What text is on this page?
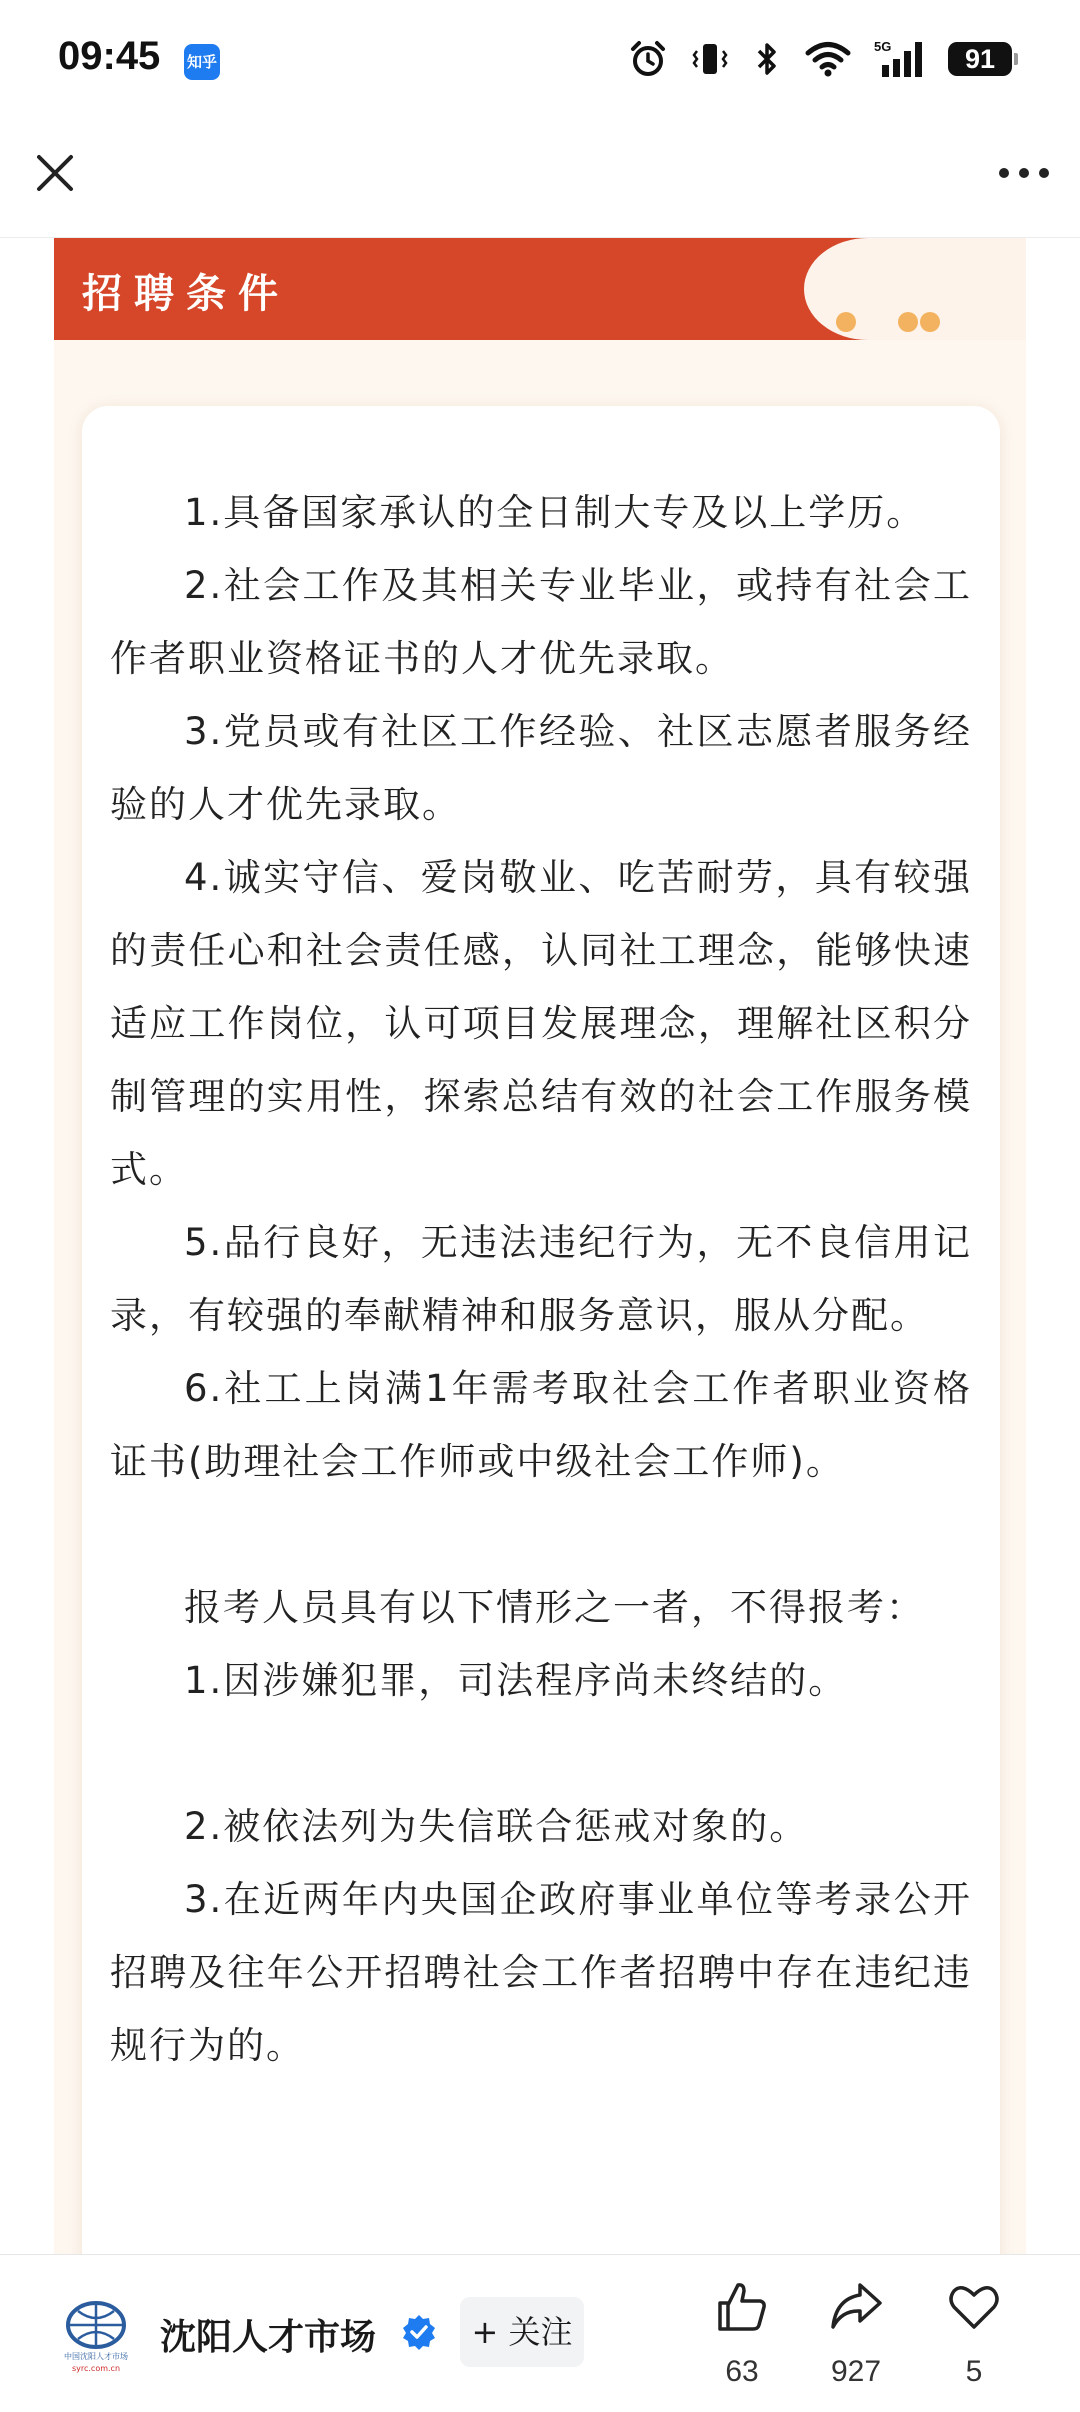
09:45 知乎
5G	91
招聘条件

1.具备国家承认的全日制大专及以上学历。

2.社会工作及其相关专业毕业，或持有社会工作者职业资格证书的人才优先录取。

3.党员或有社区工作经验、社区志愿者服务经验的人才优先录取。

4.诚实守信、爱岗敬业、吃苦耐劳，具有较强的责任心和社会责任感，认同社工理念，能够快速适应工作岗位，认可项目发展理念，理解社区积分制管理的实用性，探索总结有效的社会工作服务模式。

5.品行良好，无违法违纪行为，无不良信用记录，有较强的奉献精神和服务意识，服从分配。

6.社工上岗满1年需考取社会工作者职业资格证书(助理社会工作师或中级社会工作师)。

报考人员具有以下情形之一者，不得报考：

1.因涉嫌犯罪，司法程序尚未终结的。

2.被依法列为失信联合惩戒对象的。

3.在近两年内央国企政府事业单位等考录公开招聘及往年公开招聘社会工作者招聘中存在违纪违规行为的。

中国沈阳人才市场
syrc.com.cn
沈阳人才市场	+ 关注
63	927	5
